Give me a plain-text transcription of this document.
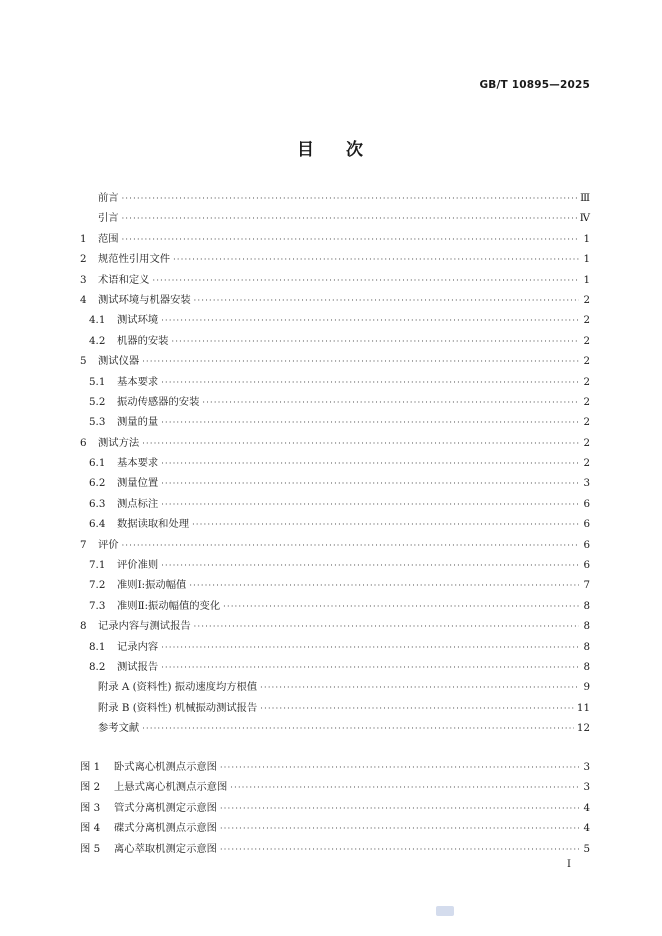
GB/T 10895—2025
目 次
前言 ·····	Ⅲ
引言 ·····	Ⅳ
1	范围 ·····	1
2	规范性引用文件 ·····	1
3	术语和定义 ·····	1
4	测试环境与机器安装 ·····	2
4.1	测试环境 ·····	2
4.2	机器的安装 ·····	2
5	测试仪器 ·····	2
5.1	基本要求 ·····	2
5.2	振动传感器的安装 ·····	2
5.3	测量的量 ·····	2
6	测试方法 ·····	2
6.1	基本要求 ·····	2
6.2	测量位置 ·····	3
6.3	测点标注 ·····	6
6.4	数据读取和处理 ·····	6
7	评价 ·····	6
7.1	评价准则 ·····	6
7.2	准则Ⅰ:振动幅值 ·····	7
7.3	准则Ⅱ:振动幅值的变化 ·····	8
8	记录内容与测试报告 ·····	8
8.1	记录内容 ·····	8
8.2	测试报告 ·····	8
附录 A (资料性) 振动速度均方根值 ·····	9
附录 B (资料性) 机械振动测试报告 ·····	11
参考文献 ·····	12
图 1	卧式离心机测点示意图 ·····	3
图 2	上悬式离心机测点示意图 ·····	3
图 3	管式分离机测定示意图 ·····	4
图 4	碟式分离机测点示意图 ·····	4
图 5	离心萃取机测定示意图 ·····	5
Ⅰ
